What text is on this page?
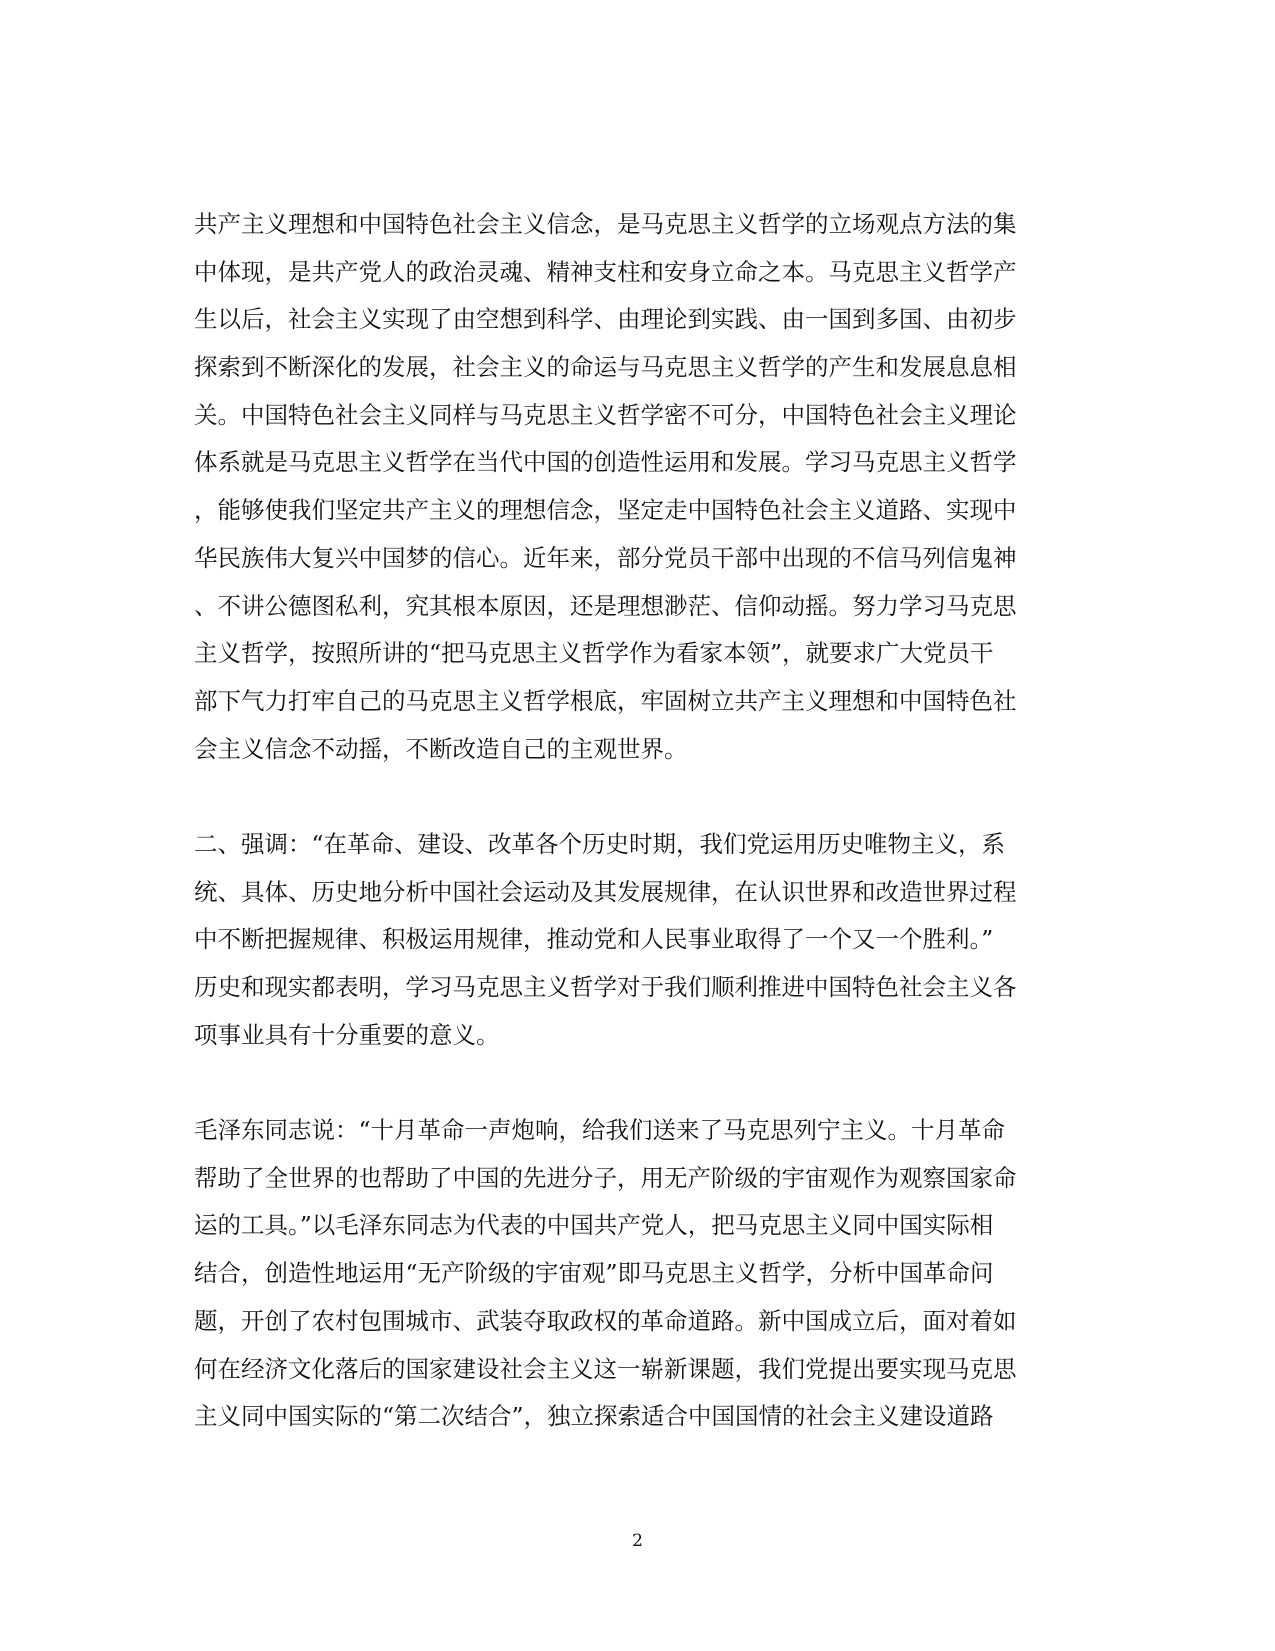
共产主义理想和中国特色社会主义信念，是马克思主义哲学的立场观点方法的集
中体现，是共产党人的政治灵魂、精神支柱和安身立命之本。马克思主义哲学产
生以后，社会主义实现了由空想到科学、由理论到实践、由一国到多国、由初步
探索到不断深化的发展，社会主义的命运与马克思主义哲学的产生和发展息息相
关。中国特色社会主义同样与马克思主义哲学密不可分，中国特色社会主义理论
体系就是马克思主义哲学在当代中国的创造性运用和发展。学习马克思主义哲学
，能够使我们坚定共产主义的理想信念，坚定走中国特色社会主义道路、实现中
华民族伟大复兴中国梦的信心。近年来，部分党员干部中出现的不信马列信鬼神
、不讲公德图私利，究其根本原因，还是理想渺茫、信仰动摇。努力学习马克思
主义哲学，按照所讲的“把马克思主义哲学作为看家本领”，就要求广大党员干
部下气力打牢自己的马克思主义哲学根底，牢固树立共产主义理想和中国特色社
会主义信念不动摇，不断改造自己的主观世界。

二、强调：“在革命、建设、改革各个历史时期，我们党运用历史唯物主义，系
统、具体、历史地分析中国社会运动及其发展规律，在认识世界和改造世界过程
中不断把握规律、积极运用规律，推动党和人民事业取得了一个又一个胜利。”
历史和现实都表明，学习马克思主义哲学对于我们顺利推进中国特色社会主义各
项事业具有十分重要的意义。

毛泽东同志说：“十月革命一声炮响，给我们送来了马克思列宁主义。十月革命
帮助了全世界的也帮助了中国的先进分子，用无产阶级的宇宙观作为观察国家命
运的工具。”以毛泽东同志为代表的中国共产党人，把马克思主义同中国实际相
结合，创造性地运用“无产阶级的宇宙观”即马克思主义哲学，分析中国革命问
题，开创了农村包围城市、武装夺取政权的革命道路。新中国成立后，面对着如
何在经济文化落后的国家建设社会主义这一崭新课题，我们党提出要实现马克思
主义同中国实际的“第二次结合”，独立探索适合中国国情的社会主义建设道路

2
